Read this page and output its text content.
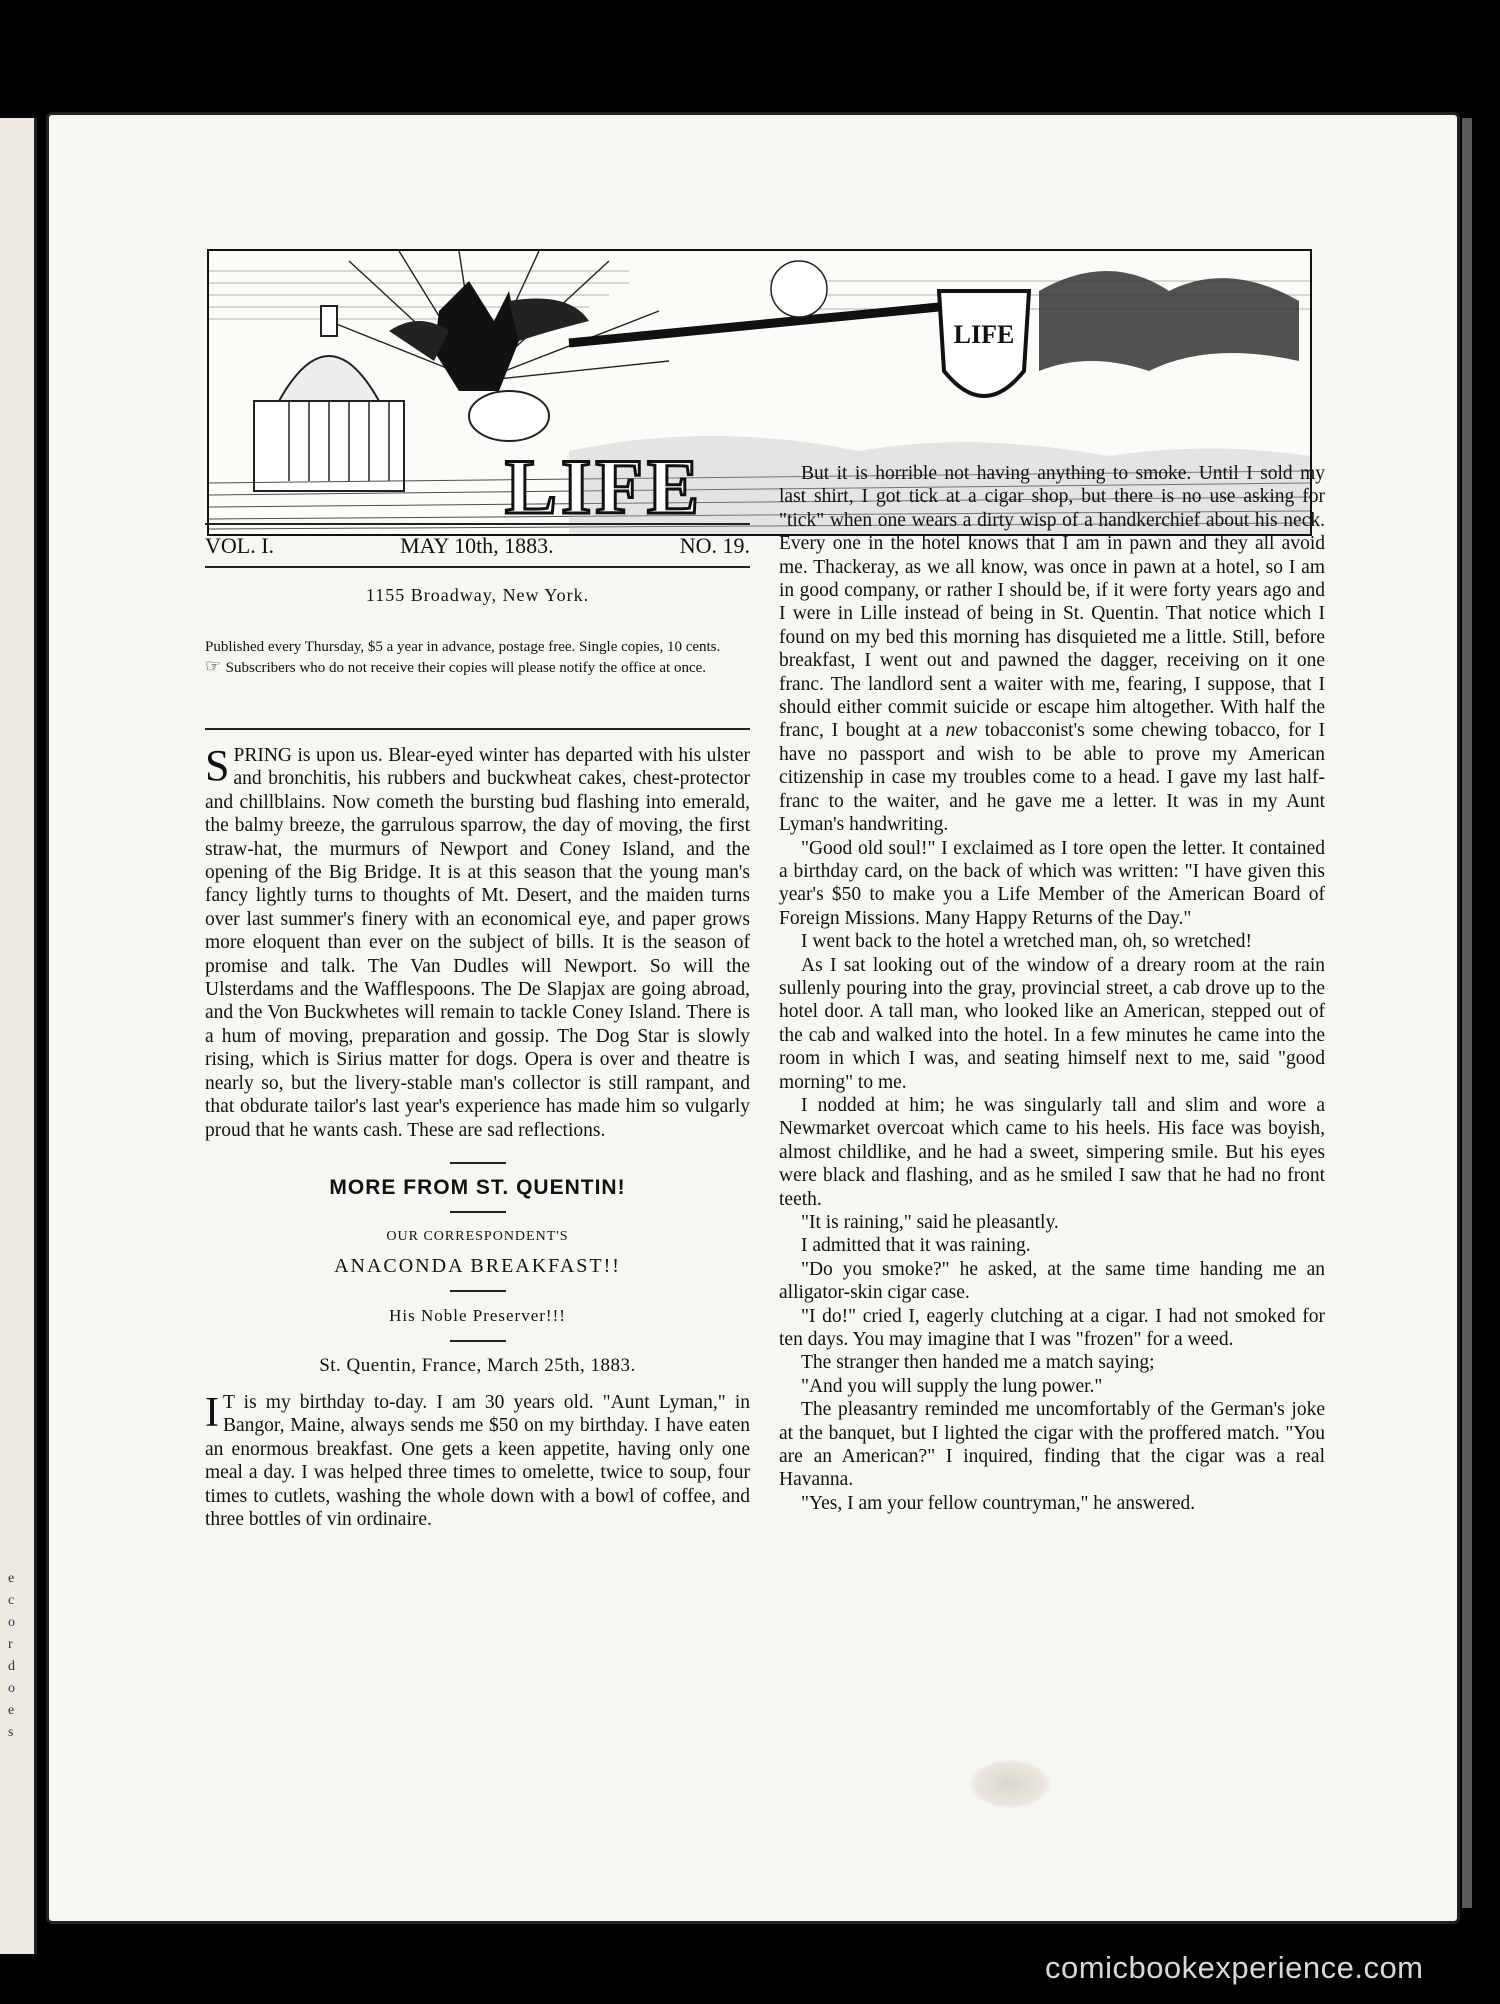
e
c
o
r
d
o
e
s
LIFE
LIFE
VOL. I.	MAY 10th, 1883.	NO. 19.
1155 Broadway, New York.

Published every Thursday, $5 a year in advance, postage free. Single copies, 10 cents.

☞ Subscribers who do not receive their copies will please notify the office at once.

SPRING is upon us. Blear-eyed winter has departed with his ulster and bronchitis, his rubbers and buckwheat cakes, chest-protector and chillblains. Now cometh the bursting bud flashing into emerald, the balmy breeze, the garrulous sparrow, the day of moving, the first straw-hat, the murmurs of Newport and Coney Island, and the opening of the Big Bridge. It is at this season that the young man's fancy lightly turns to thoughts of Mt. Desert, and the maiden turns over last summer's finery with an economical eye, and paper grows more eloquent than ever on the subject of bills. It is the season of promise and talk. The Van Dudles will Newport. So will the Ulsterdams and the Wafflespoons. The De Slapjax are going abroad, and the Von Buckwhetes will remain to tackle Coney Island. There is a hum of moving, preparation and gossip. The Dog Star is slowly rising, which is Sirius matter for dogs. Opera is over and theatre is nearly so, but the livery-stable man's collector is still rampant, and that obdurate tailor's last year's experience has made him so vulgarly proud that he wants cash. These are sad reflections.

MORE FROM ST. QUENTIN!
OUR CORRESPONDENT'S
ANACONDA BREAKFAST!!
His Noble Preserver!!!
St. Quentin, France, March 25th, 1883.

I T is my birthday to-day. I am 30 years old. "Aunt Lyman," in Bangor, Maine, always sends me $50 on my birthday. I have eaten an enormous breakfast. One gets a keen appetite, having only one meal a day. I was helped three times to omelette, twice to soup, four times to cutlets, washing the whole down with a bowl of coffee, and three bottles of vin ordinaire.

But it is horrible not having anything to smoke. Until I sold my last shirt, I got tick at a cigar shop, but there is no use asking for "tick" when one wears a dirty wisp of a handkerchief about his neck. Every one in the hotel knows that I am in pawn and they all avoid me. Thackeray, as we all know, was once in pawn at a hotel, so I am in good company, or rather I should be, if it were forty years ago and I were in Lille instead of being in St. Quentin. That notice which I found on my bed this morning has disquieted me a little. Still, before breakfast, I went out and pawned the dagger, receiving on it one franc. The landlord sent a waiter with me, fearing, I suppose, that I should either commit suicide or escape him altogether. With half the franc, I bought at a new tobacconist's some chewing tobacco, for I have no passport and wish to be able to prove my American citizenship in case my troubles come to a head. I gave my last half-franc to the waiter, and he gave me a letter. It was in my Aunt Lyman's handwriting.

"Good old soul!" I exclaimed as I tore open the letter. It contained a birthday card, on the back of which was written: "I have given this year's $50 to make you a Life Member of the American Board of Foreign Missions. Many Happy Returns of the Day."

I went back to the hotel a wretched man, oh, so wretched!

As I sat looking out of the window of a dreary room at the rain sullenly pouring into the gray, provincial street, a cab drove up to the hotel door. A tall man, who looked like an American, stepped out of the cab and walked into the hotel. In a few minutes he came into the room in which I was, and seating himself next to me, said "good morning" to me.

I nodded at him; he was singularly tall and slim and wore a Newmarket overcoat which came to his heels. His face was boyish, almost childlike, and he had a sweet, simpering smile. But his eyes were black and flashing, and as he smiled I saw that he had no front teeth.

"It is raining," said he pleasantly.

I admitted that it was raining.

"Do you smoke?" he asked, at the same time handing me an alligator-skin cigar case.

"I do!" cried I, eagerly clutching at a cigar. I had not smoked for ten days. You may imagine that I was "frozen" for a weed.

The stranger then handed me a match saying;

"And you will supply the lung power."

The pleasantry reminded me uncomfortably of the German's joke at the banquet, but I lighted the cigar with the proffered match. "You are an American?" I inquired, finding that the cigar was a real Havanna.

"Yes, I am your fellow countryman," he answered.

comicbookexperience.com
